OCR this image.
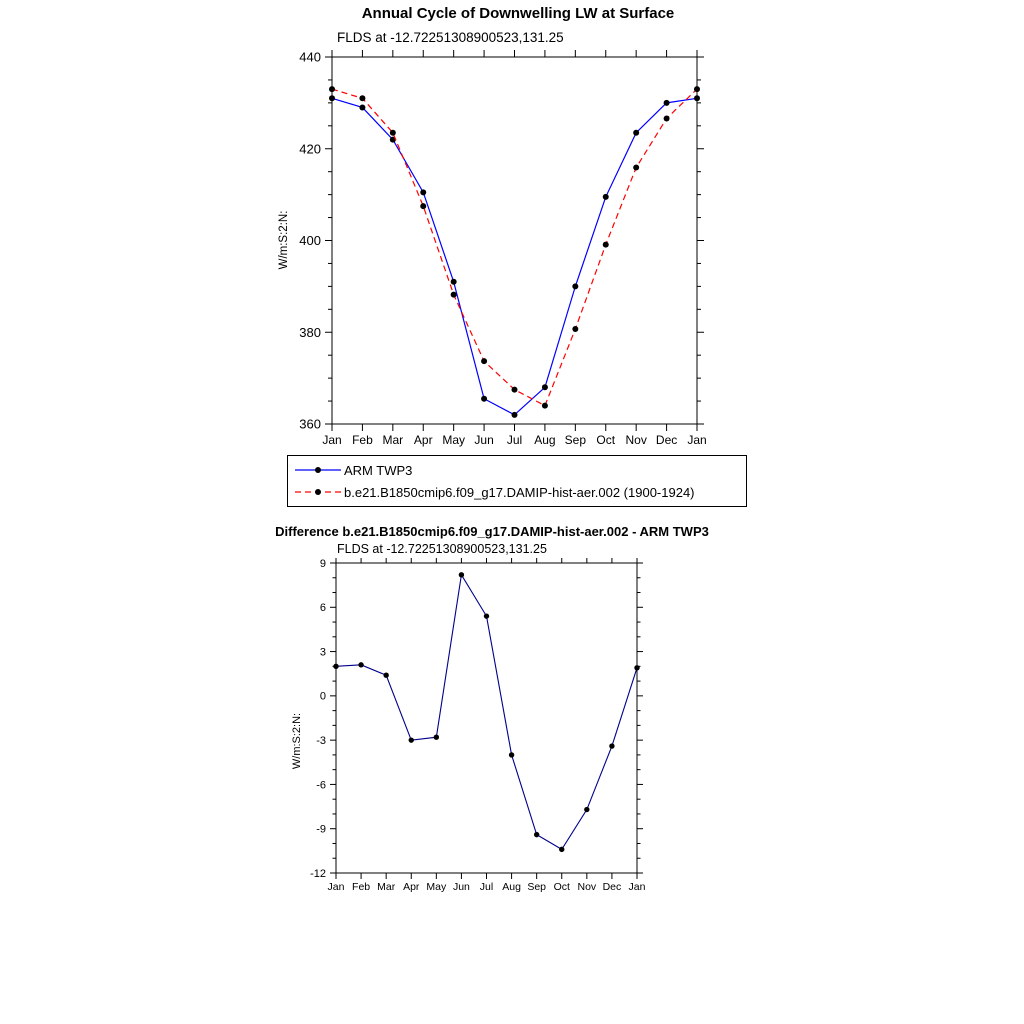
Annual Cycle of Downwelling LW at Surface
FLDS at -12.72251308900523,131.25
W/m:S:2:N:
360
380
400
420
440
Jan Feb Mar Apr May Jun Jul Aug Sep Oct Nov Dec Jan
ARM TWP3
b.e21.B1850cmip6.f09_g17.DAMIP-hist-aer.002 (1900-1924)
Difference b.e21.B1850cmip6.f09_g17.DAMIP-hist-aer.002 - ARM TWP3
FLDS at -12.72251308900523,131.25
W/m:S:2:N:
-12
-9
-6
-3
0
3
6
9
Jan Feb Mar Apr May Jun Jul Aug Sep Oct Nov Dec Jan
